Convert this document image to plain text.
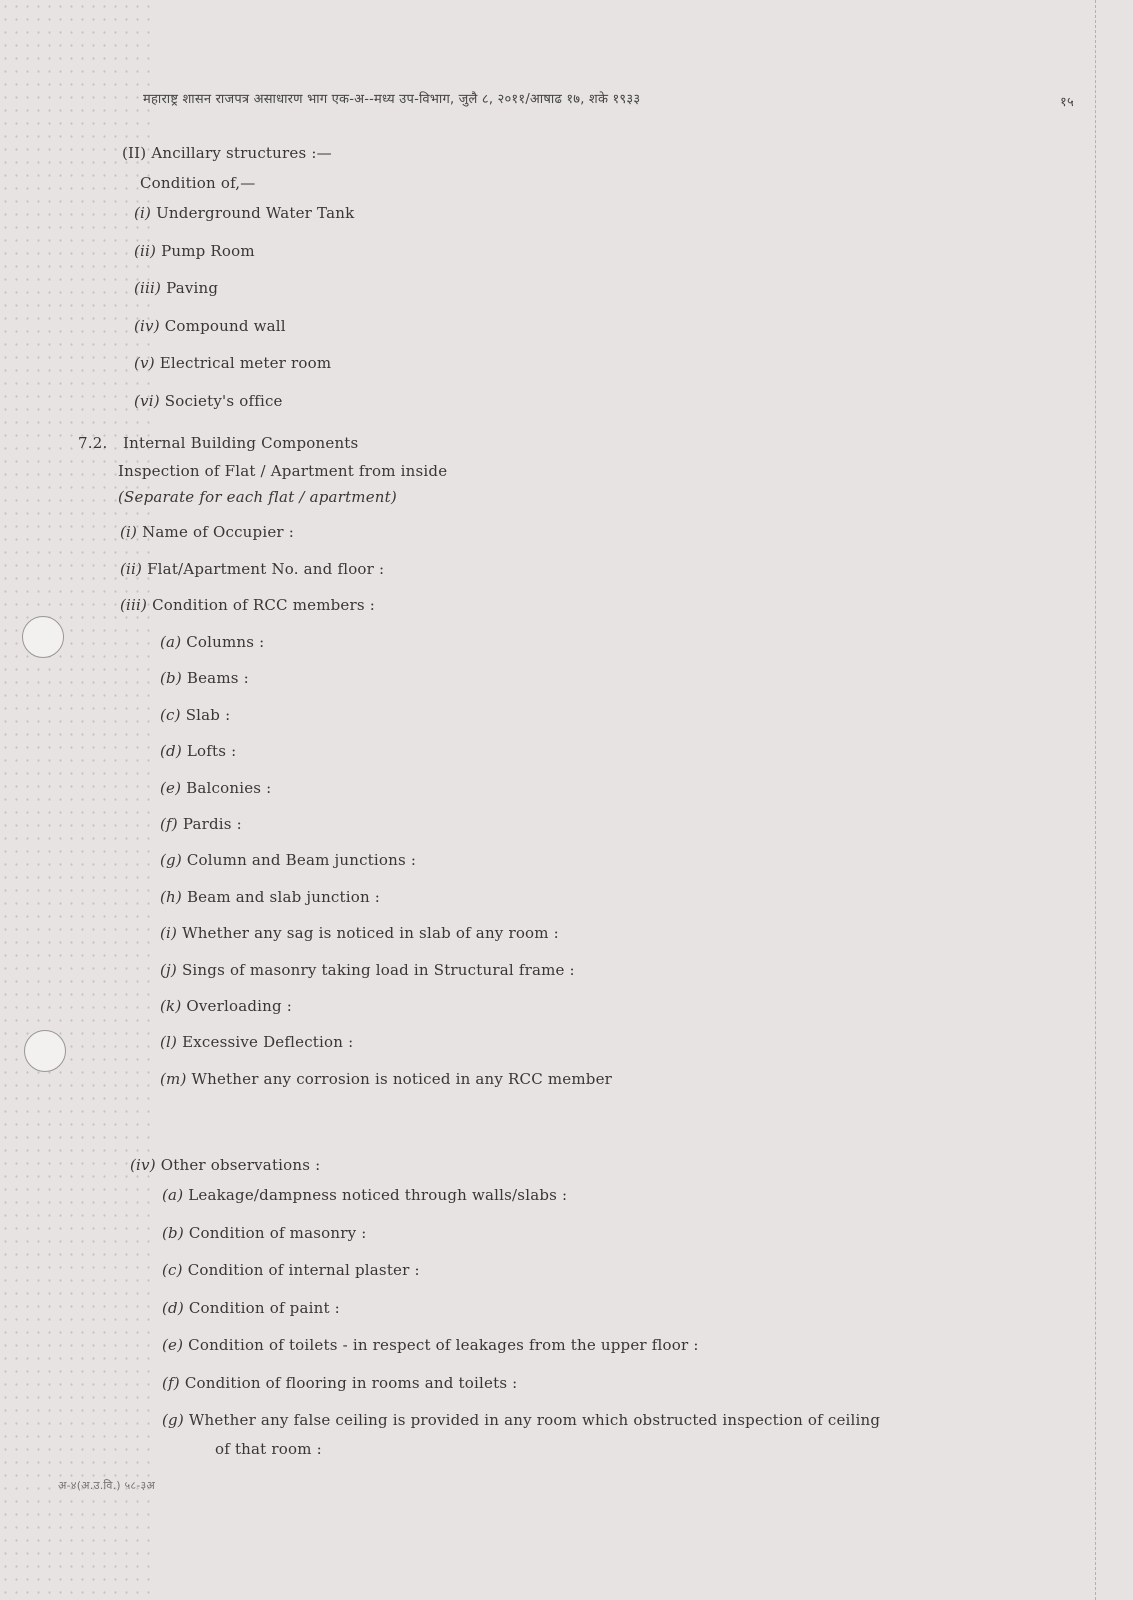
महाराष्ट्र शासन राजपत्र असाधारण भाग एक-अ--मध्य उप-विभाग, जुलै ८, २०११/आषाढ १७, शके १९३३	१५
(II) Ancillary structures :—
Condition of,—
(i) Underground Water Tank
(ii) Pump Room
(iii) Paving
(iv) Compound wall
(v) Electrical meter room
(vi) Society's office
7.2. Internal Building Components
Inspection of Flat / Apartment from inside
(Separate for each flat / apartment)
(i) Name of Occupier :
(ii) Flat/Apartment No. and floor :
(iii) Condition of RCC members :
(a) Columns :
(b) Beams :
(c) Slab :
(d) Lofts :
(e) Balconies :
(f) Pardis :
(g) Column and Beam junctions :
(h) Beam and slab junction :
(i) Whether any sag is noticed in slab of any room :
(j) Sings of masonry taking load in Structural frame :
(k) Overloading :
(l) Excessive Deflection :
(m) Whether any corrosion is noticed in any RCC member
(iv) Other observations :
(a) Leakage/dampness noticed through walls/slabs :
(b) Condition of masonry :
(c) Condition of internal plaster :
(d) Condition of paint :
(e) Condition of toilets - in respect of leakages from the upper floor :
(f) Condition of flooring in rooms and toilets :
(g) Whether any false ceiling is provided in any room which obstructed inspection of ceiling
of that room :
अ-४(अ.उ.वि.) ५८-३अ
